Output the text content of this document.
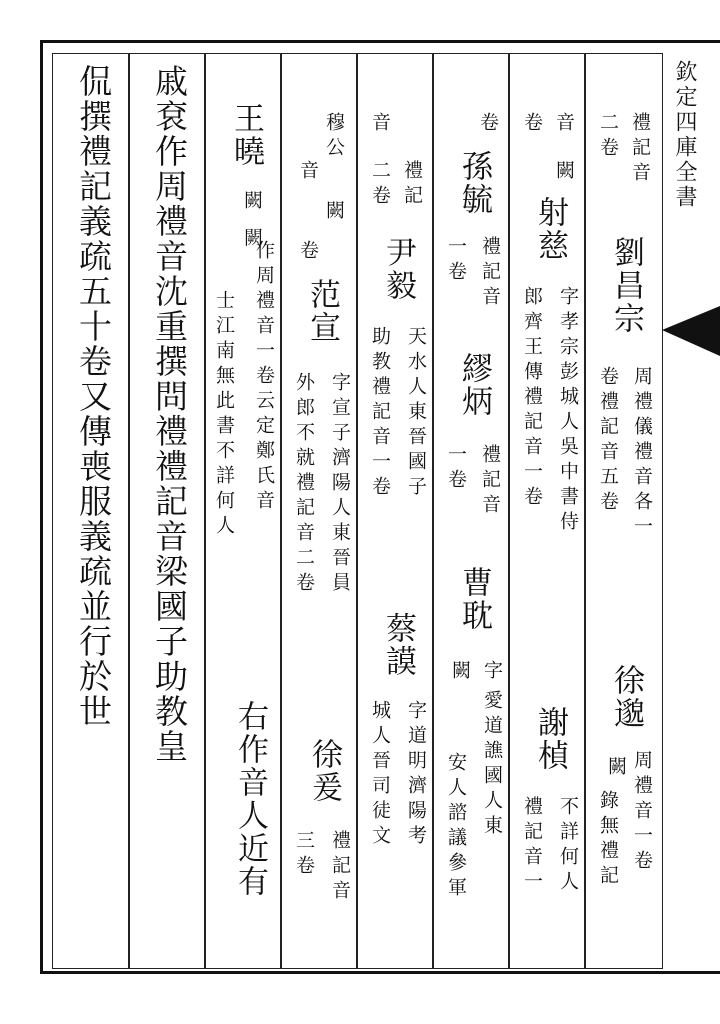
欽定四庫全書
侃撰禮記義疏五十卷又傳喪服義疏並行於世 戚袞作周禮音沈重撰問禮禮記音梁國子助教皇 王曉
闕 闕
作周禮音一卷云定鄭氏音
士江南無此書不詳何人
右作音人近有
穆公
音
闕
卷
范宣
字宣子濟陽人東晉員
外郎不就禮記音二卷
徐爰
禮記音
三卷
音
禮記
二卷
尹毅
天水人東晉國子
助教禮記音一卷
蔡謨
字道明濟陽考
城人晉司徒文
卷
孫毓
禮記音
一卷
繆炳
禮記音
一卷
曹耽
字
闕
愛道譙國人東
安人諮議參軍
音
闕
卷
射慈
字孝宗彭城人吳中書侍
郎齊王傳禮記音一卷
謝楨
不詳何人
禮記音一
禮記音
二卷
劉昌宗
周禮儀禮音各一
卷禮記音五卷
徐邈
周禮音一卷
闕
錄無禮記
